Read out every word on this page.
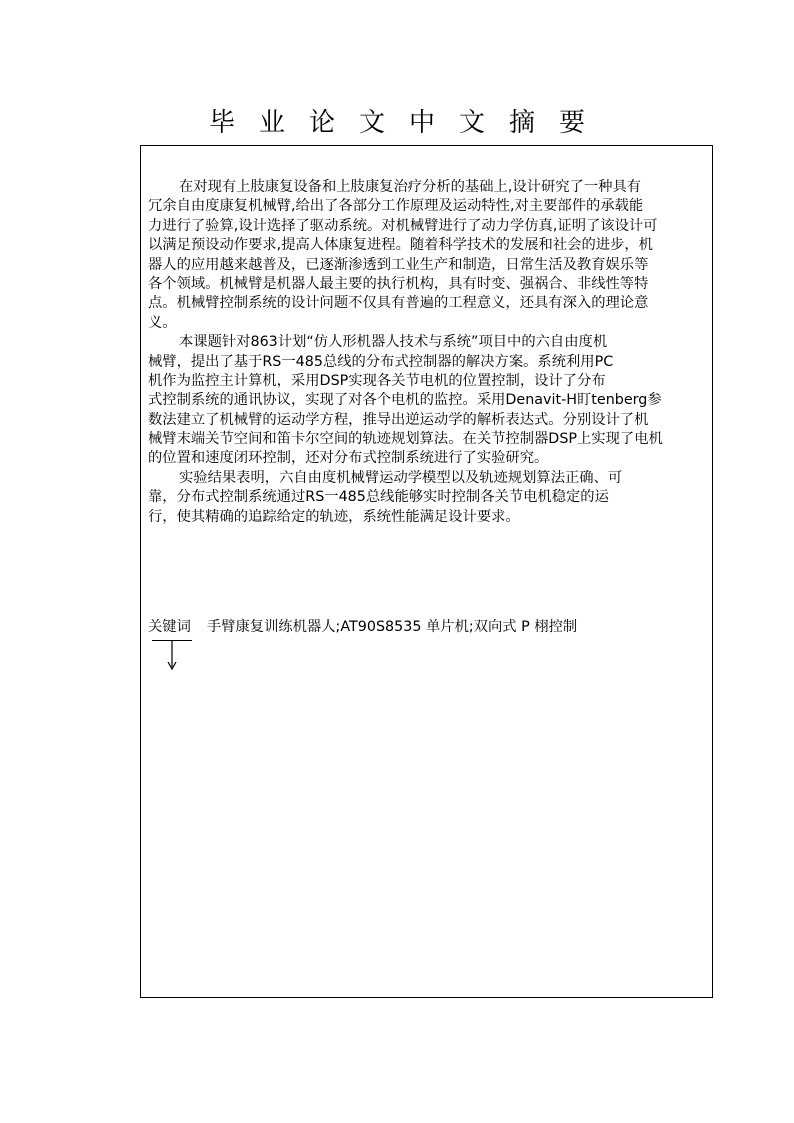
毕业论文中文摘要
在对现有上肢康复设备和上肢康复治疗分析的基础上,设计研究了一种具有
冗余自由度康复机械臂,给出了各部分工作原理及运动特性,对主要部件的承载能
力进行了验算,设计选择了驱动系统。对机械臂进行了动力学仿真,证明了该设计可
以满足预设动作要求,提高人体康复进程。随着科学技术的发展和社会的进步，机
器人的应用越来越普及，已逐渐渗透到工业生产和制造，日常生活及教育娱乐等
各个领域。机械臂是机器人最主要的执行机构，具有时变、强祸合、非线性等特
点。机械臂控制系统的设计问题不仅具有普遍的工程意义，还具有深入的理论意
义。
本课题针对863计划“仿人形机器人技术与系统”项目中的六自由度机
械臂，提出了基于RS一485总线的分布式控制器的解决方案。系统利用PC
机作为监控主计算机，采用DSP实现各关节电机的位置控制，设计了分布
式控制系统的通讯协议，实现了对各个电机的监控。采用Denavit-H盯tenberg参
数法建立了机械臂的运动学方程，推导出逆运动学的解析表达式。分别设计了机
械臂末端关节空间和笛卡尔空间的轨迹规划算法。在关节控制器DSP上实现了电机
的位置和速度闭环控制，还对分布式控制系统进行了实验研究。
实验结果表明，六自由度机械臂运动学模型以及轨迹规划算法正确、可
靠，分布式控制系统通过RS一485总线能够实时控制各关节电机稳定的运
行，使其精确的追踪给定的轨迹，系统性能满足设计要求。
关键词 手臂康复训练机器人;AT90S8535 单片机;双向式 P 栩控制
